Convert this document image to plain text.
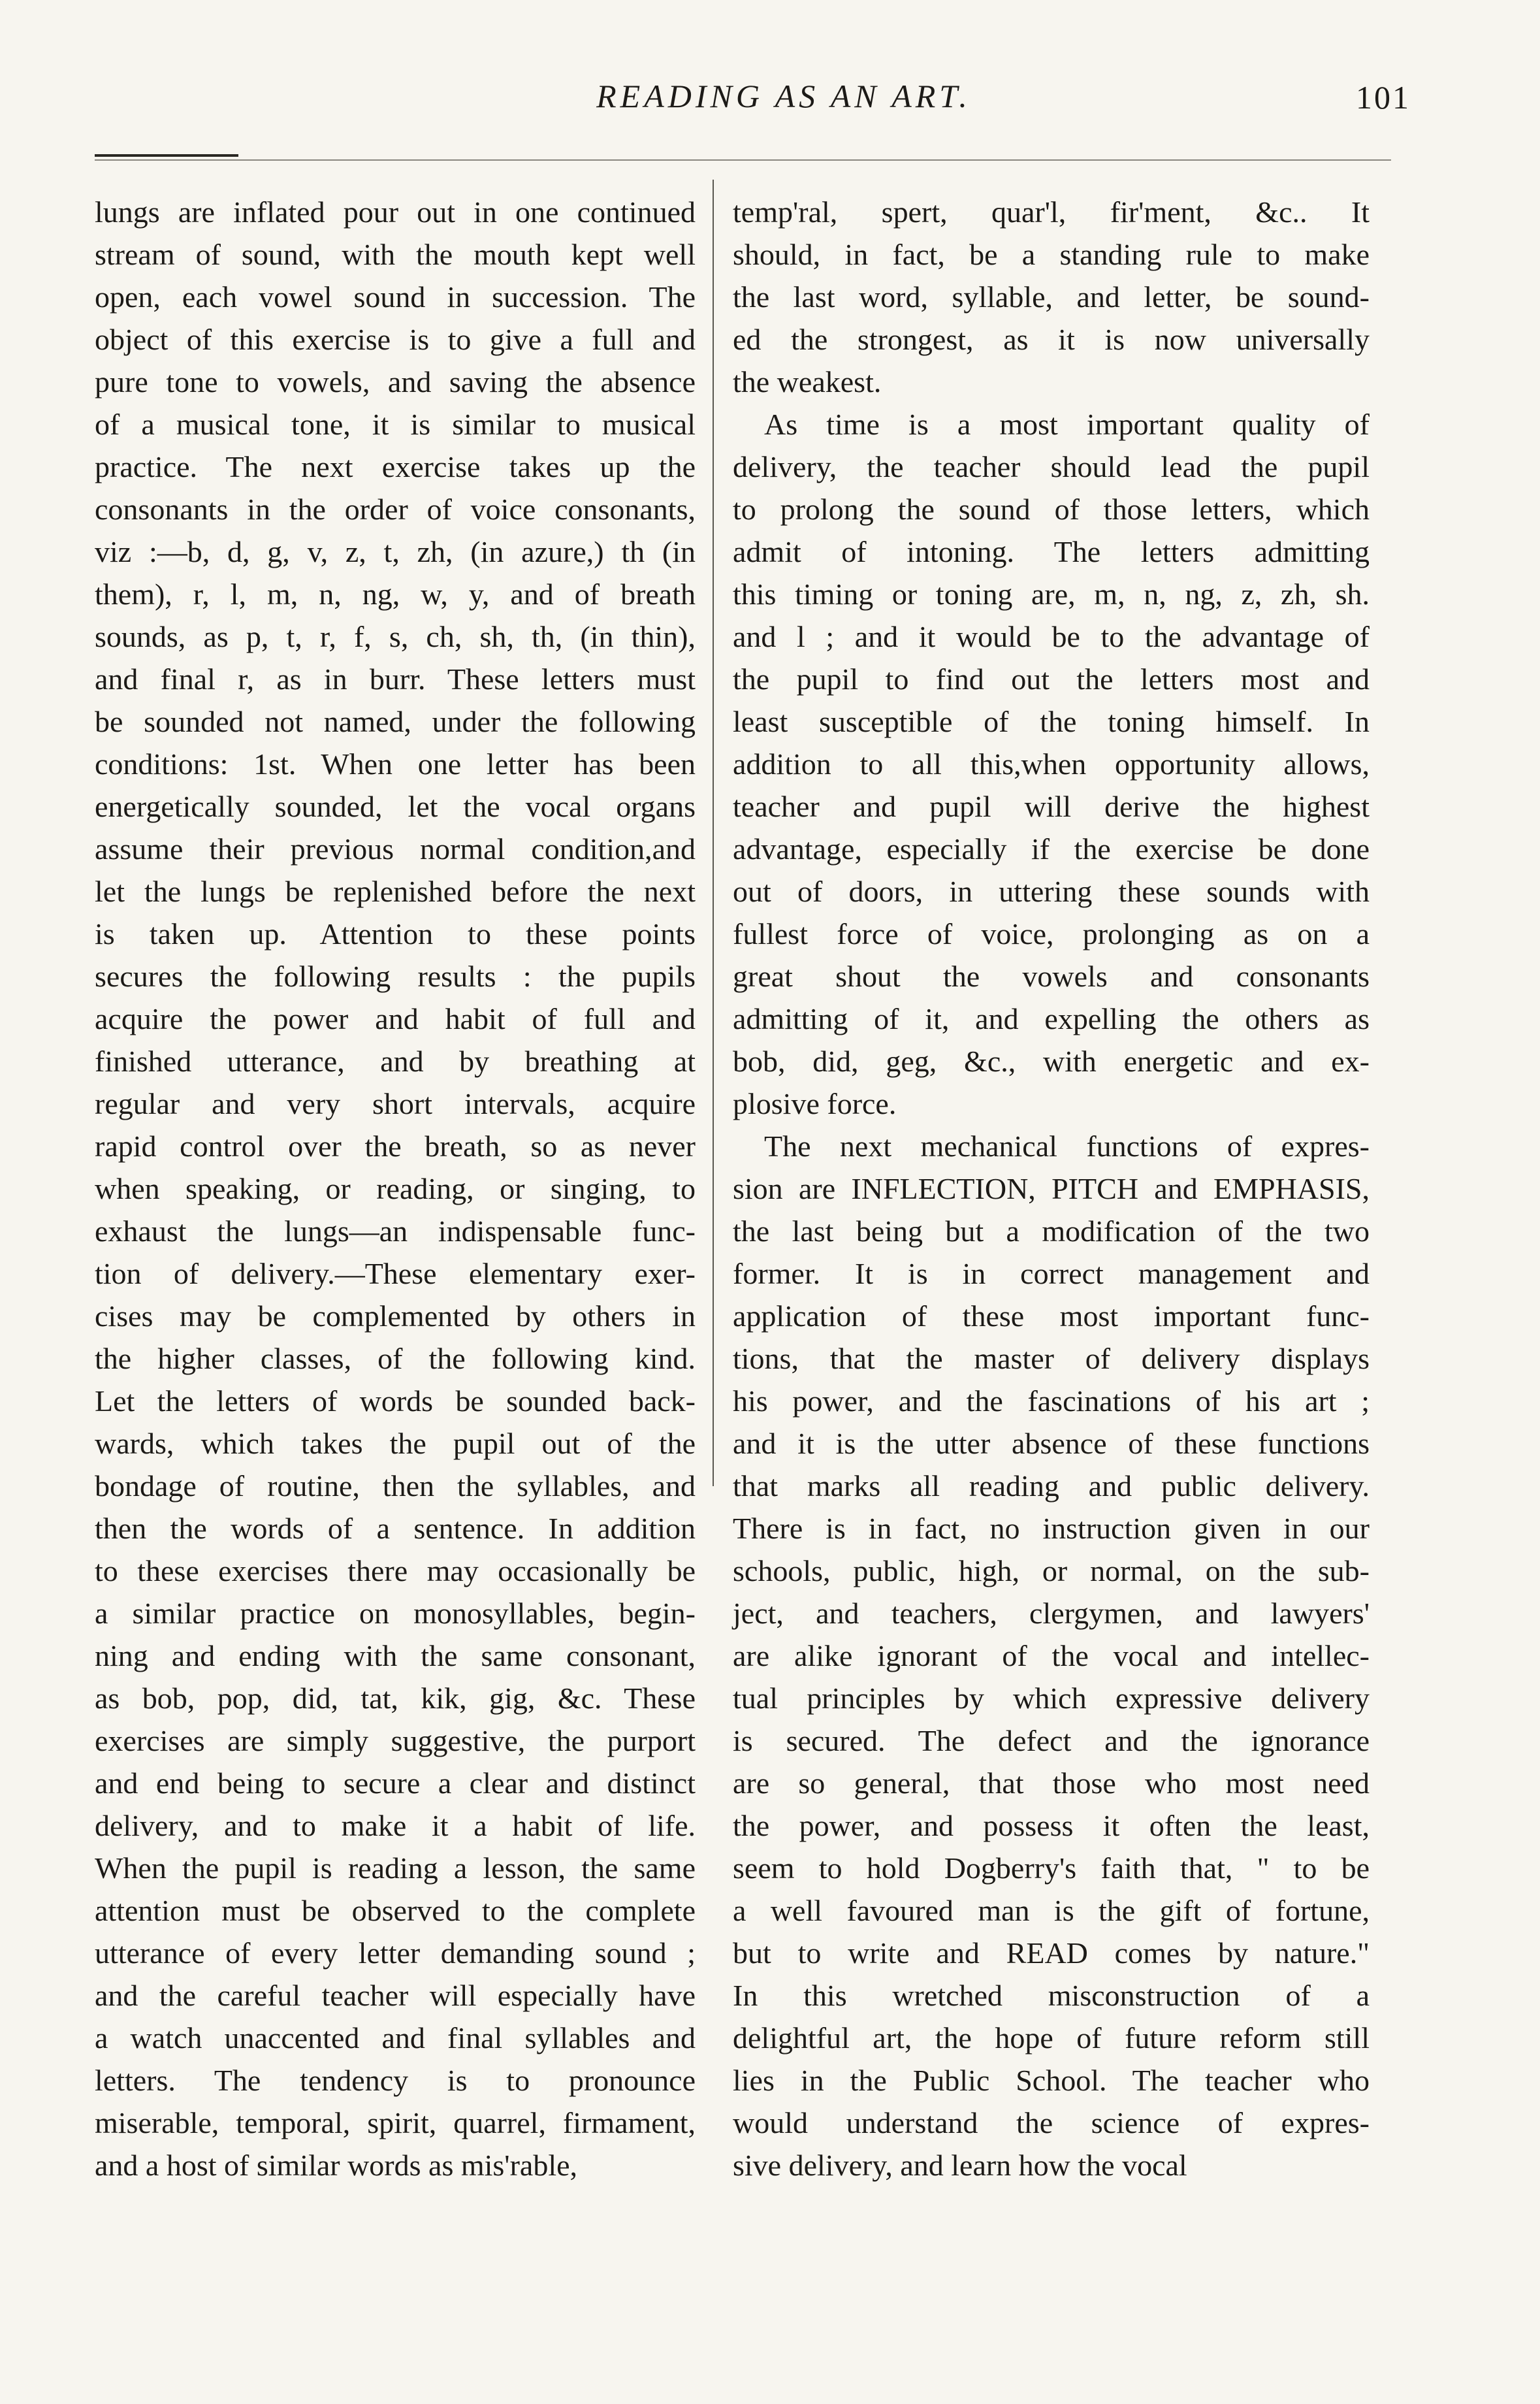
READING AS AN ART.	101
lungs are inflated pour out in one continued
stream of sound, with the mouth kept well
open, each vowel sound in succession. The
object of this exercise is to give a full and
pure tone to vowels, and saving the absence
of a musical tone, it is similar to musical
practice. The next exercise takes up the
consonants in the order of voice consonants,
viz :—b, d, g, v, z, t, zh, (in azure,) th (in
them), r, l, m, n, ng, w, y, and of breath
sounds, as p, t, r, f, s, ch, sh, th, (in thin),
and final r, as in burr. These letters must
be sounded not named, under the following
conditions: 1st. When one letter has been
energetically sounded, let the vocal organs
assume their previous normal condition,and
let the lungs be replenished before the next
is taken up. Attention to these points
secures the following results : the pupils
acquire the power and habit of full and
finished utterance, and by breathing at
regular and very short intervals, acquire
rapid control over the breath, so as never
when speaking, or reading, or singing, to
exhaust the lungs—an indispensable func-
tion of delivery.—These elementary exer-
cises may be complemented by others in
the higher classes, of the following kind.
Let the letters of words be sounded back-
wards, which takes the pupil out of the
bondage of routine, then the syllables, and
then the words of a sentence. In addition
to these exercises there may occasionally be
a similar practice on monosyllables, begin-
ning and ending with the same consonant,
as bob, pop, did, tat, kik, gig, &c. These
exercises are simply suggestive, the purport
and end being to secure a clear and distinct
delivery, and to make it a habit of life.
When the pupil is reading a lesson, the same
attention must be observed to the complete
utterance of every letter demanding sound ;
and the careful teacher will especially have
a watch unaccented and final syllables and
letters. The tendency is to pronounce
miserable, temporal, spirit, quarrel, firmament,
and a host of similar words as mis'rable,
temp'ral, spert, quar'l, fir'ment, &c.. It
should, in fact, be a standing rule to make
the last word, syllable, and letter, be sound-
ed the strongest, as it is now universally
the weakest.
As time is a most important quality of
delivery, the teacher should lead the pupil
to prolong the sound of those letters, which
admit of intoning. The letters admitting
this timing or toning are, m, n, ng, z, zh, sh.
and l ; and it would be to the advantage of
the pupil to find out the letters most and
least susceptible of the toning himself. In
addition to all this,when opportunity allows,
teacher and pupil will derive the highest
advantage, especially if the exercise be done
out of doors, in uttering these sounds with
fullest force of voice, prolonging as on a
great shout the vowels and consonants
admitting of it, and expelling the others as
bob, did, geg, &c., with energetic and ex-
plosive force.
The next mechanical functions of expres-
sion are INFLECTION, PITCH and EMPHASIS,
the last being but a modification of the two
former. It is in correct management and
application of these most important func-
tions, that the master of delivery displays
his power, and the fascinations of his art ;
and it is the utter absence of these functions
that marks all reading and public delivery.
There is in fact, no instruction given in our
schools, public, high, or normal, on the sub-
ject, and teachers, clergymen, and lawyers'
are alike ignorant of the vocal and intellec-
tual principles by which expressive delivery
is secured. The defect and the ignorance
are so general, that those who most need
the power, and possess it often the least,
seem to hold Dogberry's faith that, " to be
a well favoured man is the gift of fortune,
but to write and READ comes by nature."
In this wretched misconstruction of a
delightful art, the hope of future reform still
lies in the Public School. The teacher who
would understand the science of expres-
sive delivery, and learn how the vocal
